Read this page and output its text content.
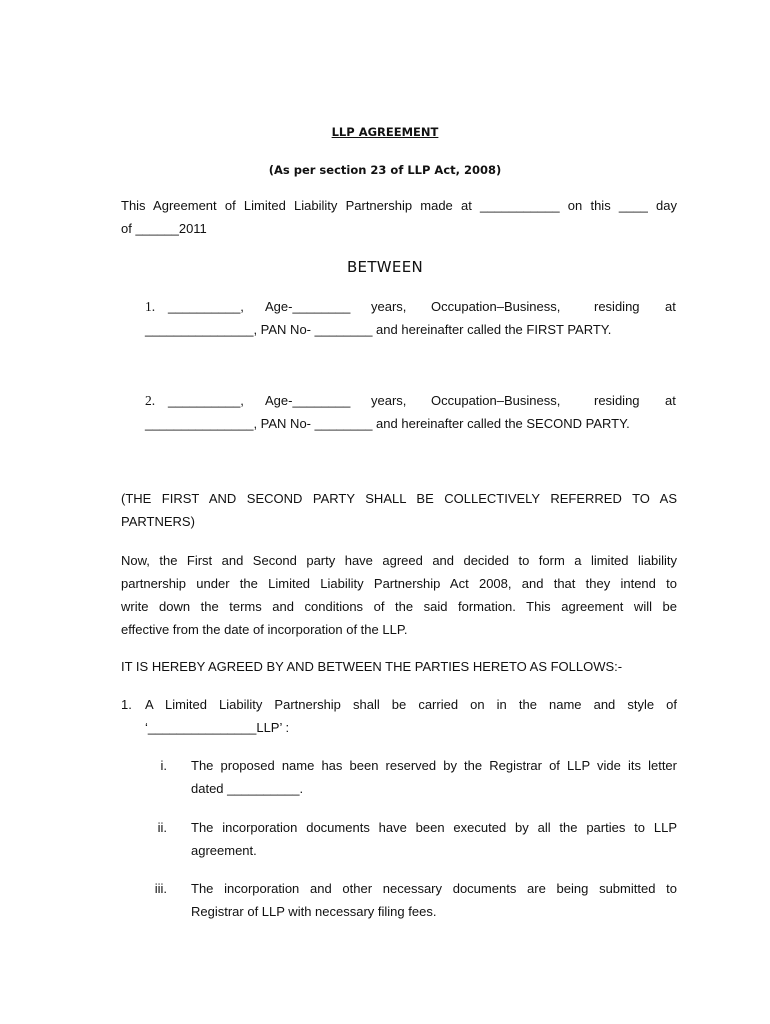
LLP AGREEMENT
(As per section 23 of LLP Act, 2008)
This Agreement of Limited Liability Partnership made at ___________ on this ____ day
of ______2011
BETWEEN
1. __________, Age-________ years, Occupation–Business,	residing at
_______________, PAN No- ________ and hereinafter called the FIRST PARTY.
2. __________, Age-________ years, Occupation–Business,	residing at
_______________, PAN No- ________ and hereinafter called the SECOND PARTY.
(THE FIRST AND SECOND PARTY SHALL BE COLLECTIVELY REFERRED TO AS
PARTNERS)
Now, the First and Second party have agreed and decided to form a limited liability
partnership under the Limited Liability Partnership Act 2008, and that they intend to
write down the terms and conditions of the said formation. This agreement will be
effective from the date of incorporation of the LLP.
IT IS HEREBY AGREED BY AND BETWEEN THE PARTIES HERETO AS FOLLOWS:-
1. A Limited Liability Partnership shall be carried on in the name and style of
‘_______________LLP’ :
i. The proposed name has been reserved by the Registrar of LLP vide its letter
dated __________.
ii. The incorporation documents have been executed by all the parties to LLP
agreement.
iii. The incorporation and other necessary documents are being submitted to
Registrar of LLP with necessary filing fees.
